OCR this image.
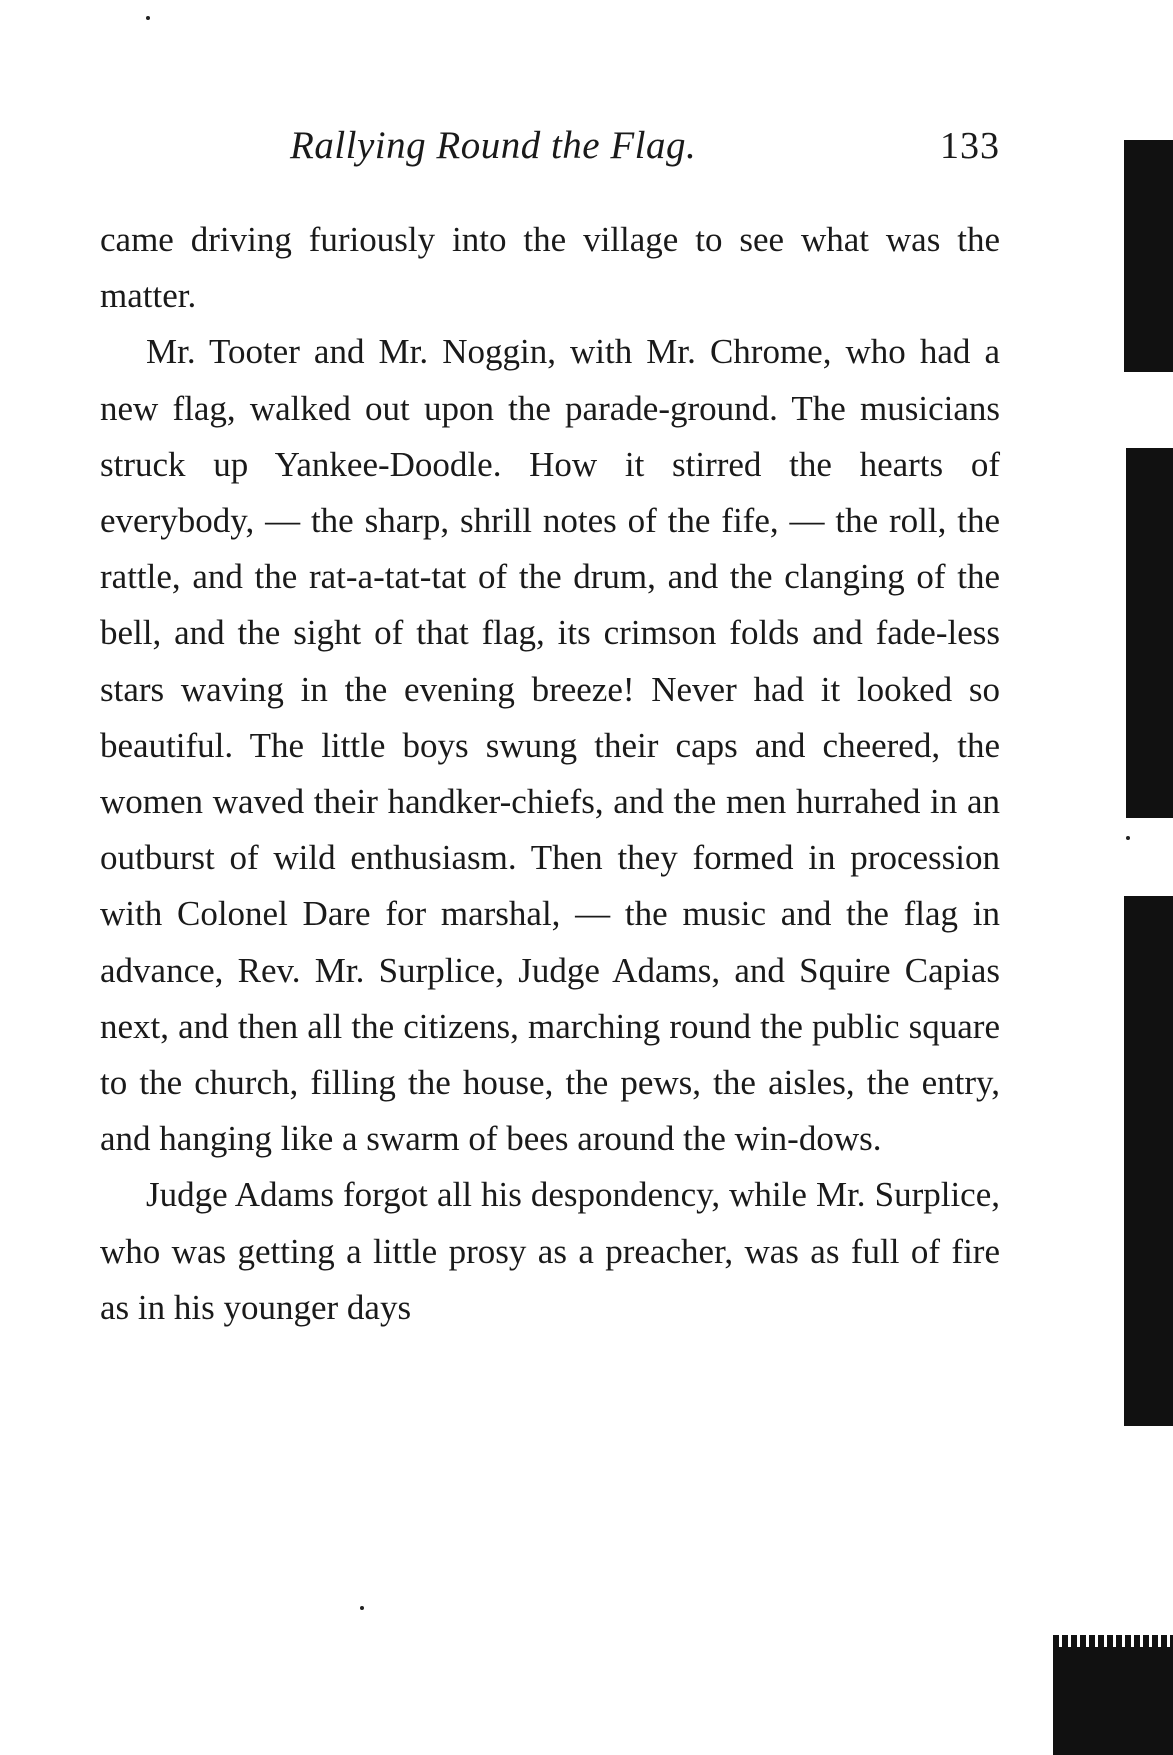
Rallying Round the Flag.	133

came driving furiously into the village to see what was the matter.

Mr. Tooter and Mr. Noggin, with Mr. Chrome, who had a new flag, walked out upon the parade-ground. The musicians struck up Yankee-Doodle. How it stirred the hearts of everybody, — the sharp, shrill notes of the fife, — the roll, the rattle, and the rat-a-tat-tat of the drum, and the clanging of the bell, and the sight of that flag, its crimson folds and fade-less stars waving in the evening breeze! Never had it looked so beautiful. The little boys swung their caps and cheered, the women waved their handker-chiefs, and the men hurrahed in an outburst of wild enthusiasm. Then they formed in procession with Colonel Dare for marshal, — the music and the flag in advance, Rev. Mr. Surplice, Judge Adams, and Squire Capias next, and then all the citizens, marching round the public square to the church, filling the house, the pews, the aisles, the entry, and hanging like a swarm of bees around the win-dows.

Judge Adams forgot all his despondency, while Mr. Surplice, who was getting a little prosy as a preacher, was as full of fire as in his younger days
